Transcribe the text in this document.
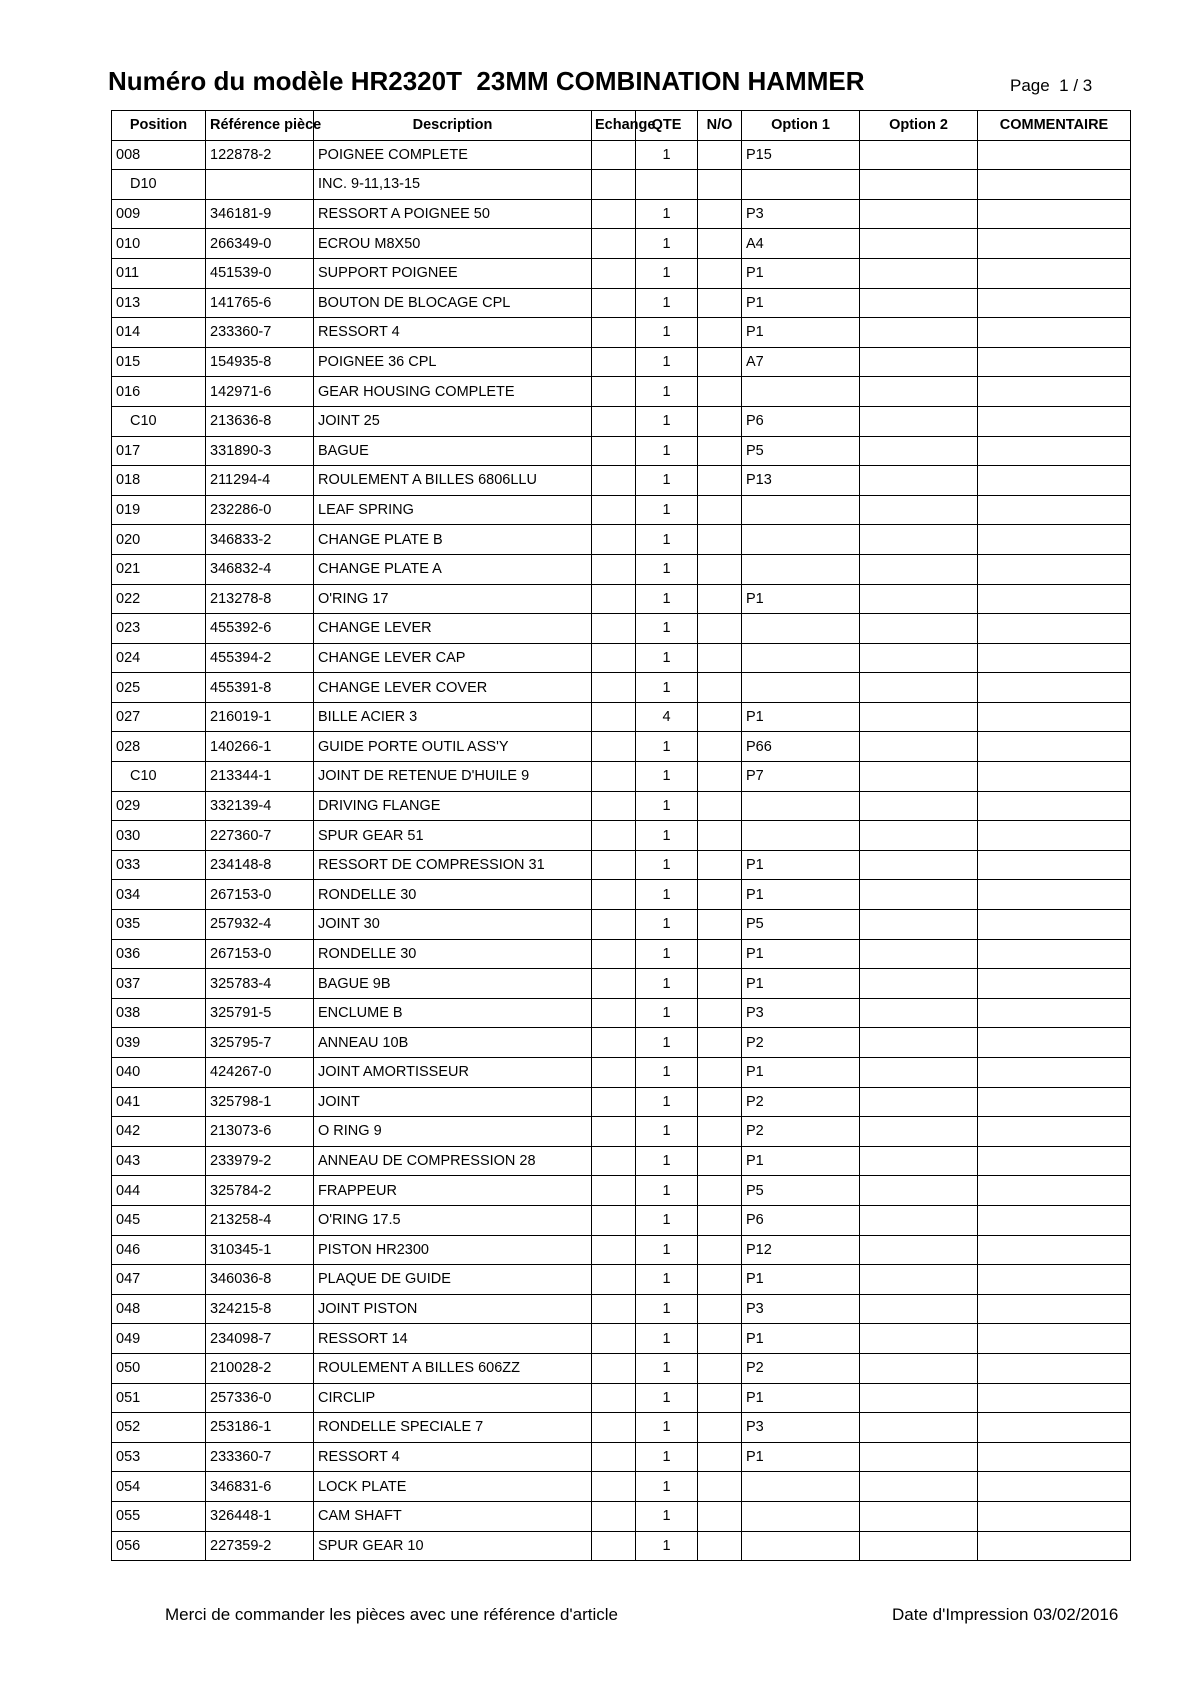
Numéro du modèle HR2320T  23MM COMBINATION HAMMER	Page  1 / 3
Position	Référence pièce	Description	Echange	QTE	N/O	Option 1	Option 2	COMMENTAIRE
008	122878-2	POIGNEE COMPLETE		1		P15		
D10		INC. 9-11,13-15						
009	346181-9	RESSORT A POIGNEE 50		1		P3		
010	266349-0	ECROU M8X50		1		A4		
011	451539-0	SUPPORT POIGNEE		1		P1		
013	141765-6	BOUTON DE BLOCAGE CPL		1		P1		
014	233360-7	RESSORT 4		1		P1		
015	154935-8	POIGNEE 36 CPL		1		A7		
016	142971-6	GEAR HOUSING COMPLETE		1				
C10	213636-8	JOINT 25		1		P6		
017	331890-3	BAGUE		1		P5		
018	211294-4	ROULEMENT A BILLES 6806LLU		1		P13		
019	232286-0	LEAF SPRING		1				
020	346833-2	CHANGE PLATE B		1				
021	346832-4	CHANGE PLATE A		1				
022	213278-8	O'RING 17		1		P1		
023	455392-6	CHANGE LEVER		1				
024	455394-2	CHANGE LEVER CAP		1				
025	455391-8	CHANGE LEVER COVER		1				
027	216019-1	BILLE ACIER 3		4		P1		
028	140266-1	GUIDE PORTE OUTIL ASS'Y		1		P66		
C10	213344-1	JOINT DE RETENUE D'HUILE 9		1		P7		
029	332139-4	DRIVING FLANGE		1				
030	227360-7	SPUR GEAR 51		1				
033	234148-8	RESSORT DE COMPRESSION 31		1		P1		
034	267153-0	RONDELLE 30		1		P1		
035	257932-4	JOINT 30		1		P5		
036	267153-0	RONDELLE 30		1		P1		
037	325783-4	BAGUE 9B		1		P1		
038	325791-5	ENCLUME B		1		P3		
039	325795-7	ANNEAU 10B		1		P2		
040	424267-0	JOINT AMORTISSEUR		1		P1		
041	325798-1	JOINT		1		P2		
042	213073-6	O RING 9		1		P2		
043	233979-2	ANNEAU DE COMPRESSION 28		1		P1		
044	325784-2	FRAPPEUR		1		P5		
045	213258-4	O'RING 17.5		1		P6		
046	310345-1	PISTON HR2300		1		P12		
047	346036-8	PLAQUE DE GUIDE		1		P1		
048	324215-8	JOINT PISTON		1		P3		
049	234098-7	RESSORT 14		1		P1		
050	210028-2	ROULEMENT A BILLES 606ZZ		1		P2		
051	257336-0	CIRCLIP		1		P1		
052	253186-1	RONDELLE SPECIALE 7		1		P3		
053	233360-7	RESSORT 4		1		P1		
054	346831-6	LOCK PLATE		1				
055	326448-1	CAM SHAFT		1				
056	227359-2	SPUR GEAR 10		1				
Merci de commander les pièces avec une référence d'article	Date d'Impression 03/02/2016
